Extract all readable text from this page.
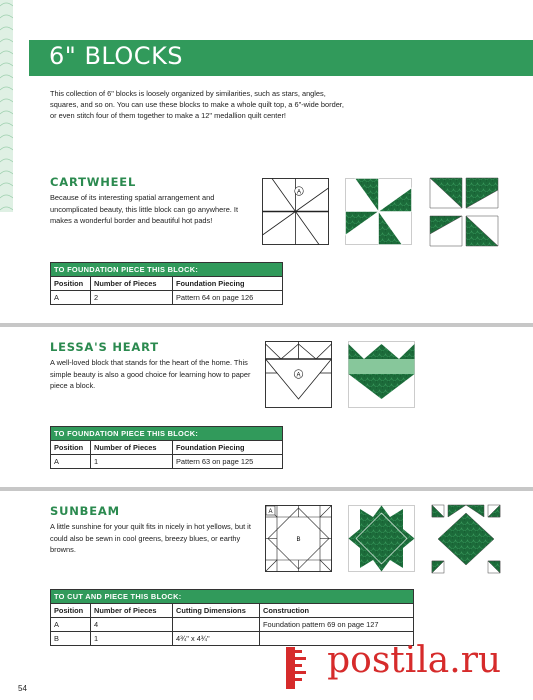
6" BLOCKS

This collection of 6" blocks is loosely organized by similarities, such as stars, angles, squares, and so on. You can use these blocks to make a whole quilt top, a 6"-wide border, or even stitch four of them together to make a 12" medallion quilt center!

CARTWHEEL

Because of its interesting spatial arrangement and uncomplicated beauty, this little block can go anywhere. It makes a wonderful border and beautiful hot pads!

A
TO FOUNDATION PIECE THIS BLOCK:		
Position	Number of Pieces	Foundation Piecing
A	2	Pattern 64 on page 126
LESSA'S HEART

A well-loved block that stands for the heart of the home. This simple beauty is also a good choice for learning how to paper piece a block.

A
TO FOUNDATION PIECE THIS BLOCK:		
Position	Number of Pieces	Foundation Piecing
A	1	Pattern 63 on page 125
SUNBEAM

A little sunshine for your quilt fits in nicely in hot yellows, but it could also be sewn in cool greens, breezy blues, or earthy browns.

A
B
TO CUT AND PIECE THIS BLOCK:			
Position	Number of Pieces	Cutting Dimensions	Construction
A	4		Foundation pattern 69 on page 127
B	1	4¾" x 4¾"	
postila.ru
54
